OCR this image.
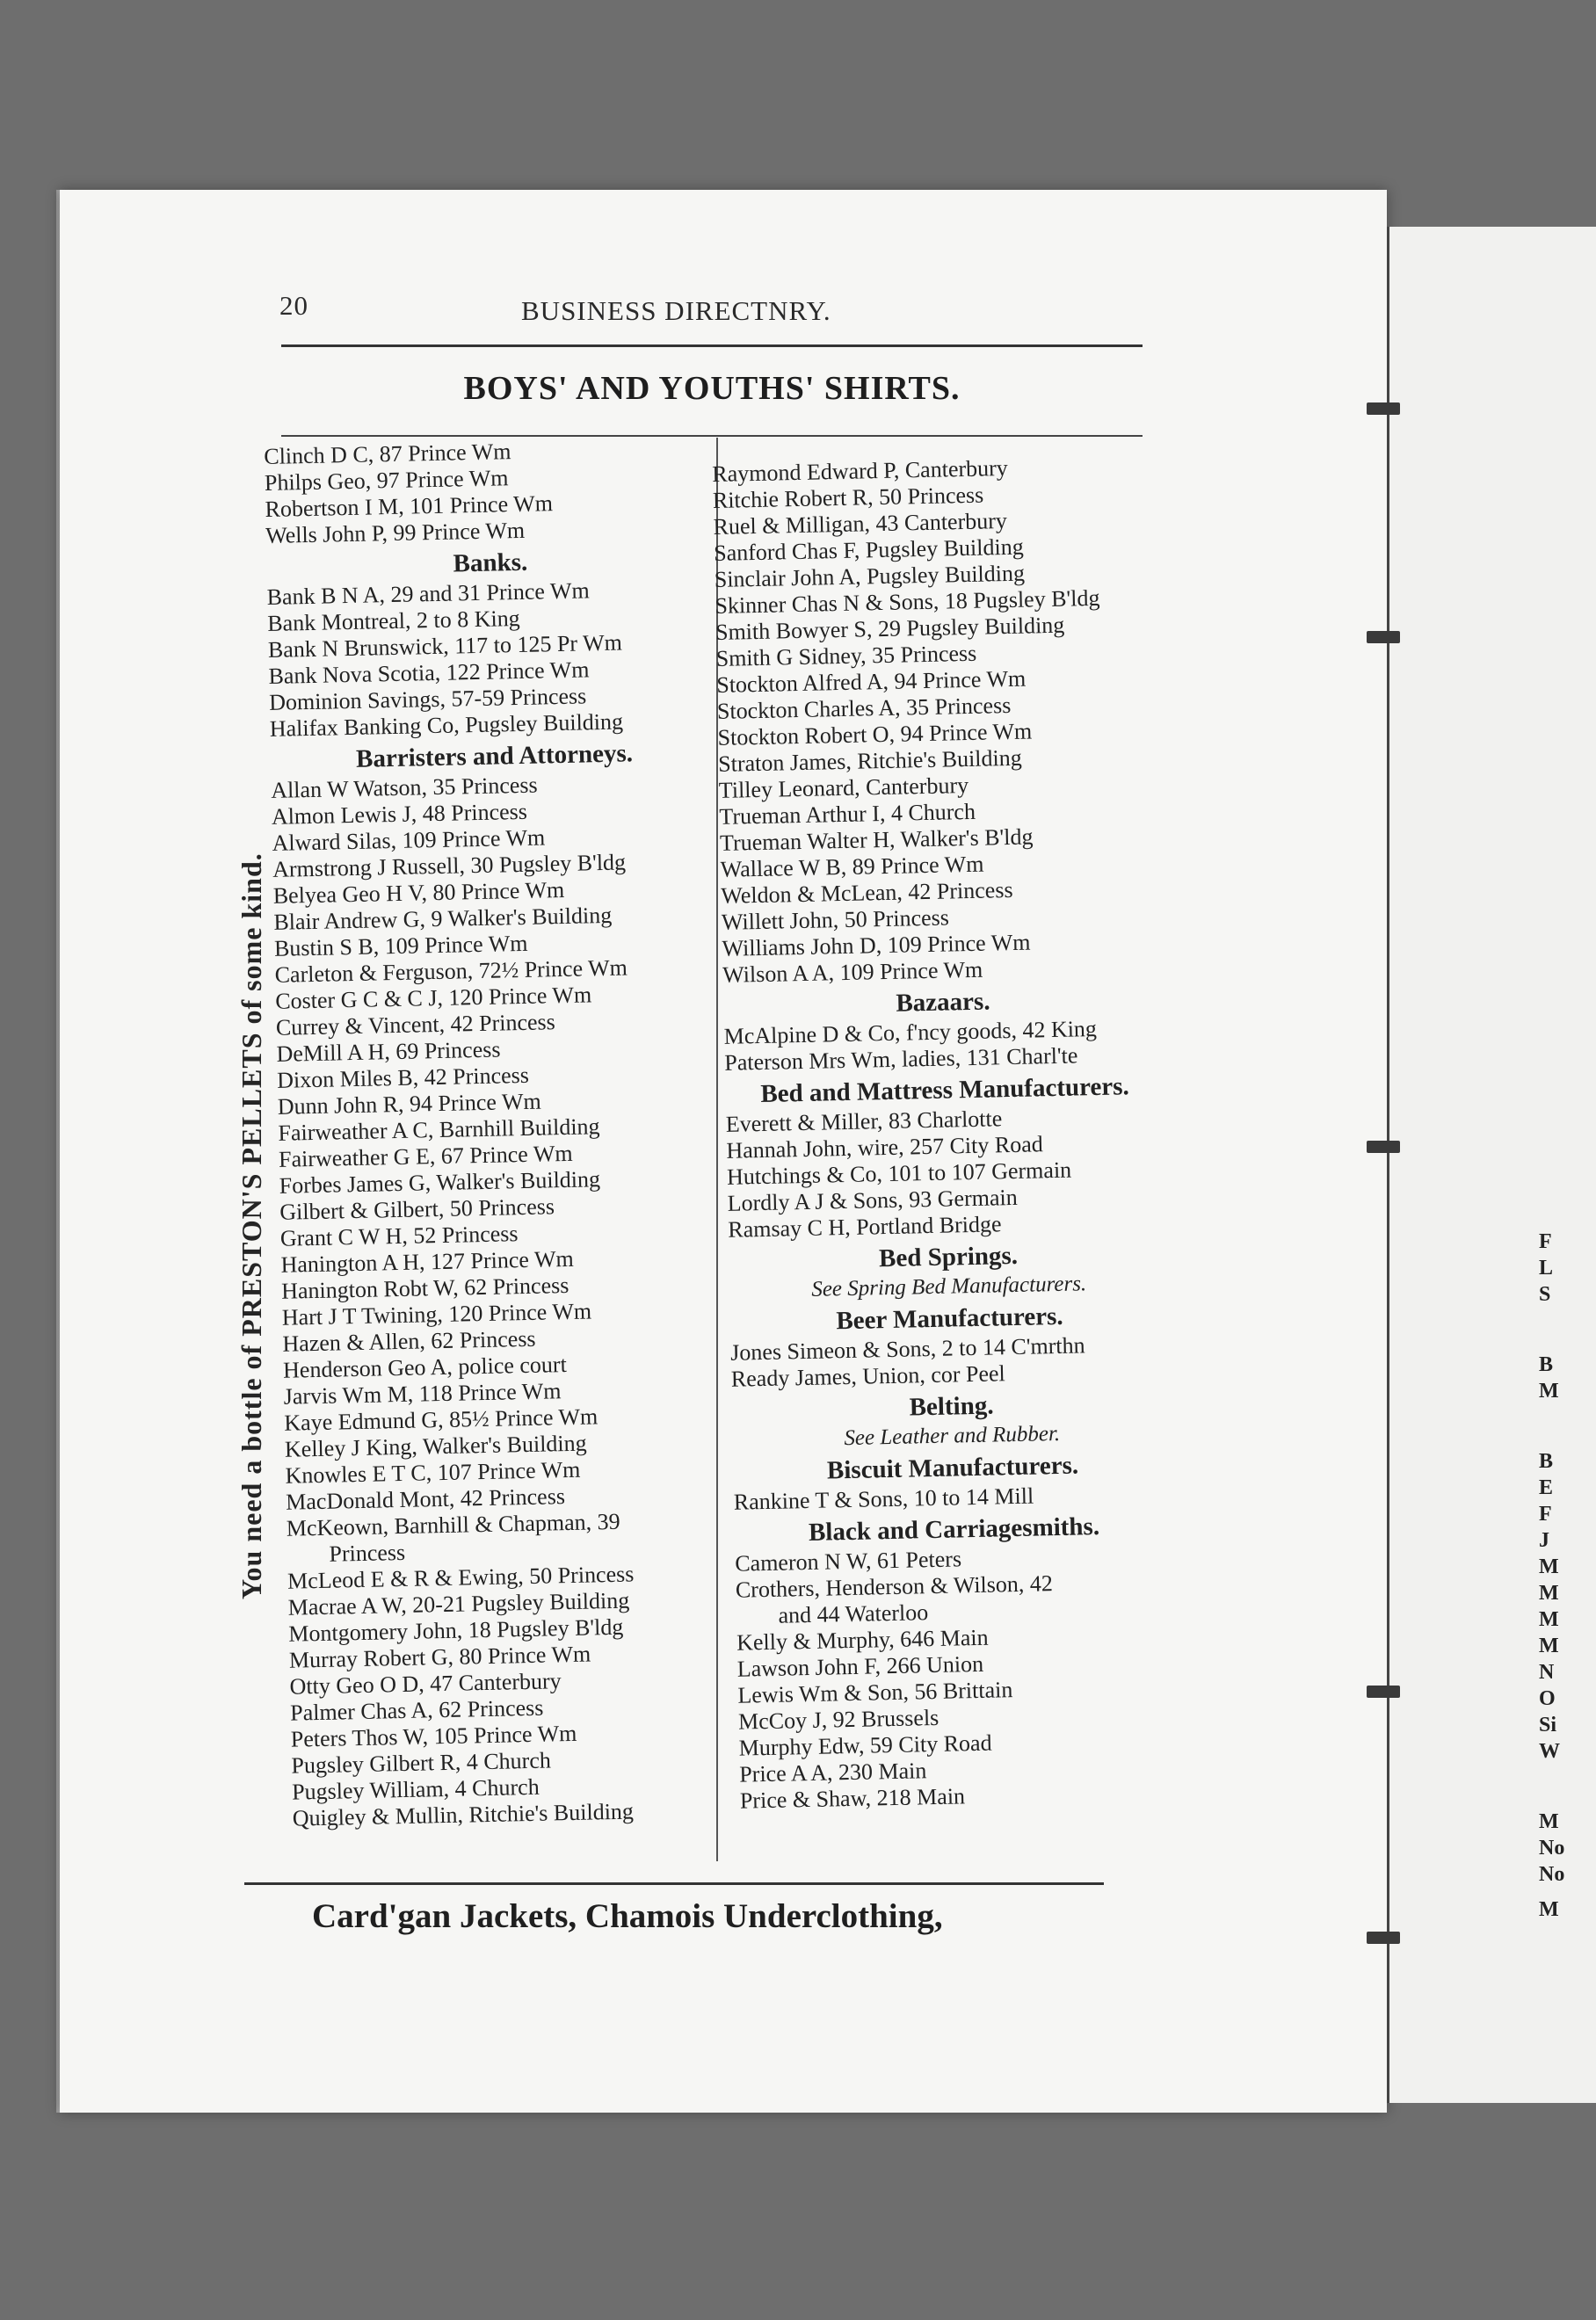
F
L
S
B
M
B
E
F
J
M
M
M
M
N
O
Si
W
M
No
No
M
20	BUSINESS DIRECTNRY.
BOYS' AND YOUTHS' SHIRTS.
Clinch D C, 87 Prince Wm
Philps Geo, 97 Prince Wm
Robertson I M, 101 Prince Wm
Wells John P, 99 Prince Wm
Banks.
Bank B N A, 29 and 31 Prince Wm
Bank Montreal, 2 to 8 King
Bank N Brunswick, 117 to 125 Pr Wm
Bank Nova Scotia, 122 Prince Wm
Dominion Savings, 57-59 Princess
Halifax Banking Co, Pugsley Building
Barristers and Attorneys.
Allan W Watson, 35 Princess
Almon Lewis J, 48 Princess
Alward Silas, 109 Prince Wm
Armstrong J Russell, 30 Pugsley B'ldg
Belyea Geo H V, 80 Prince Wm
Blair Andrew G, 9 Walker's Building
Bustin S B, 109 Prince Wm
Carleton & Ferguson, 72½ Prince Wm
Coster G C & C J, 120 Prince Wm
Currey & Vincent, 42 Princess
DeMill A H, 69 Princess
Dixon Miles B, 42 Princess
Dunn John R, 94 Prince Wm
Fairweather A C, Barnhill Building
Fairweather G E, 67 Prince Wm
Forbes James G, Walker's Building
Gilbert & Gilbert, 50 Princess
Grant C W H, 52 Princess
Hanington A H, 127 Prince Wm
Hanington Robt W, 62 Princess
Hart J T Twining, 120 Prince Wm
Hazen & Allen, 62 Princess
Henderson Geo A, police court
Jarvis Wm M, 118 Prince Wm
Kaye Edmund G, 85½ Prince Wm
Kelley J King, Walker's Building
Knowles E T C, 107 Prince Wm
MacDonald Mont, 42 Princess
McKeown, Barnhill & Chapman, 39
Princess
McLeod E & R & Ewing, 50 Princess
Macrae A W, 20-21 Pugsley Building
Montgomery John, 18 Pugsley B'ldg
Murray Robert G, 80 Prince Wm
Otty Geo O D, 47 Canterbury
Palmer Chas A, 62 Princess
Peters Thos W, 105 Prince Wm
Pugsley Gilbert R, 4 Church
Pugsley William, 4 Church
Quigley & Mullin, Ritchie's Building
Raymond Edward P, Canterbury
Ritchie Robert R, 50 Princess
Ruel & Milligan, 43 Canterbury
Sanford Chas F, Pugsley Building
Sinclair John A, Pugsley Building
Skinner Chas N & Sons, 18 Pugsley B'ldg
Smith Bowyer S, 29 Pugsley Building
Smith G Sidney, 35 Princess
Stockton Alfred A, 94 Prince Wm
Stockton Charles A, 35 Princess
Stockton Robert O, 94 Prince Wm
Straton James, Ritchie's Building
Tilley Leonard, Canterbury
Trueman Arthur I, 4 Church
Trueman Walter H, Walker's B'ldg
Wallace W B, 89 Prince Wm
Weldon & McLean, 42 Princess
Willett John, 50 Princess
Williams John D, 109 Prince Wm
Wilson A A, 109 Prince Wm
Bazaars.
McAlpine D & Co, f'ncy goods, 42 King
Paterson Mrs Wm, ladies, 131 Charl'te
Bed and Mattress Manufacturers.
Everett & Miller, 83 Charlotte
Hannah John, wire, 257 City Road
Hutchings & Co, 101 to 107 Germain
Lordly A J & Sons, 93 Germain
Ramsay C H, Portland Bridge
Bed Springs.
See Spring Bed Manufacturers.
Beer Manufacturers.
Jones Simeon & Sons, 2 to 14 C'mrthn
Ready James, Union, cor Peel
Belting.
See Leather and Rubber.
Biscuit Manufacturers.
Rankine T & Sons, 10 to 14 Mill
Black and Carriagesmiths.
Cameron N W, 61 Peters
Crothers, Henderson & Wilson, 42
and 44 Waterloo
Kelly & Murphy, 646 Main
Lawson John F, 266 Union
Lewis Wm & Son, 56 Brittain
McCoy J, 92 Brussels
Murphy Edw, 59 City Road
Price A A, 230 Main
Price & Shaw, 218 Main
You need a bottle of PRESTON'S PELLETS of some kind.
Card'gan Jackets, Chamois Underclothing,
